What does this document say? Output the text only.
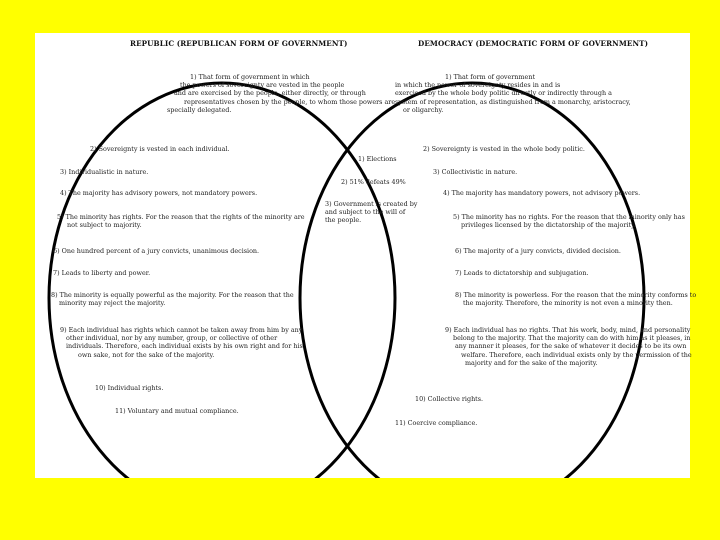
REPUBLIC (REPUBLICAN FORM OF GOVERNMENT)	DEMOCRACY (DEMOCRATIC FORM OF GOVERNMENT)
1) That form of government in which
the powers of sovereignty are vested in the people
and are exercised by the people, either directly, or through
representatives chosen by the people, to whom those powers are
specially delegated.
2) Sovereignty is vested in each individual.
3) Individualistic in nature.
4) The majority has advisory powers, not mandatory powers.
5) The minority has rights. For the reason that the rights of the minority are
not subject to majority.
6) One hundred percent of a jury convicts, unanimous decision.
7) Leads to liberty and power.
8) The minority is equally powerful as the majority. For the reason that the
minority may reject the majority.
9) Each individual has rights which cannot be taken away from him by any
other individual, nor by any number, group, or collective of other
individuals. Therefore, each individual exists by his own right and for his
own sake, not for the sake of the majority.
10) Individual rights.
11) Voluntary and mutual compliance.
1) Elections
2) 51% defeats 49%
3) Government is created by
and subject to the will of
the people.
1) That form of government
in which the power of sovereignty resides in and is
exercised by the whole body politic directly or indirectly through a
system of representation, as distinguished from a monarchy, aristocracy,
or oligarchy.
2) Sovereignty is vested in the whole body politic.
3) Collectivistic in nature.
4) The majority has mandatory powers, not advisory powers.
5) The minority has no rights. For the reason that the minority only has
privileges licensed by the dictatorship of the majority.
6) The majority of a jury convicts, divided decision.
7) Leads to dictatorship and subjugation.
8) The minority is powerless. For the reason that the minority conforms to
the majority. Therefore, the minority is not even a minority then.
9) Each individual has no rights. That his work, body, mind, and personality
belong to the majority. That the majority can do with him as it pleases, in
any manner it pleases, for the sake of whatever it decides to be its own
welfare. Therefore, each individual exists only by the permission of the
majority and for the sake of the majority.
10) Collective rights.
11) Coercive compliance.
